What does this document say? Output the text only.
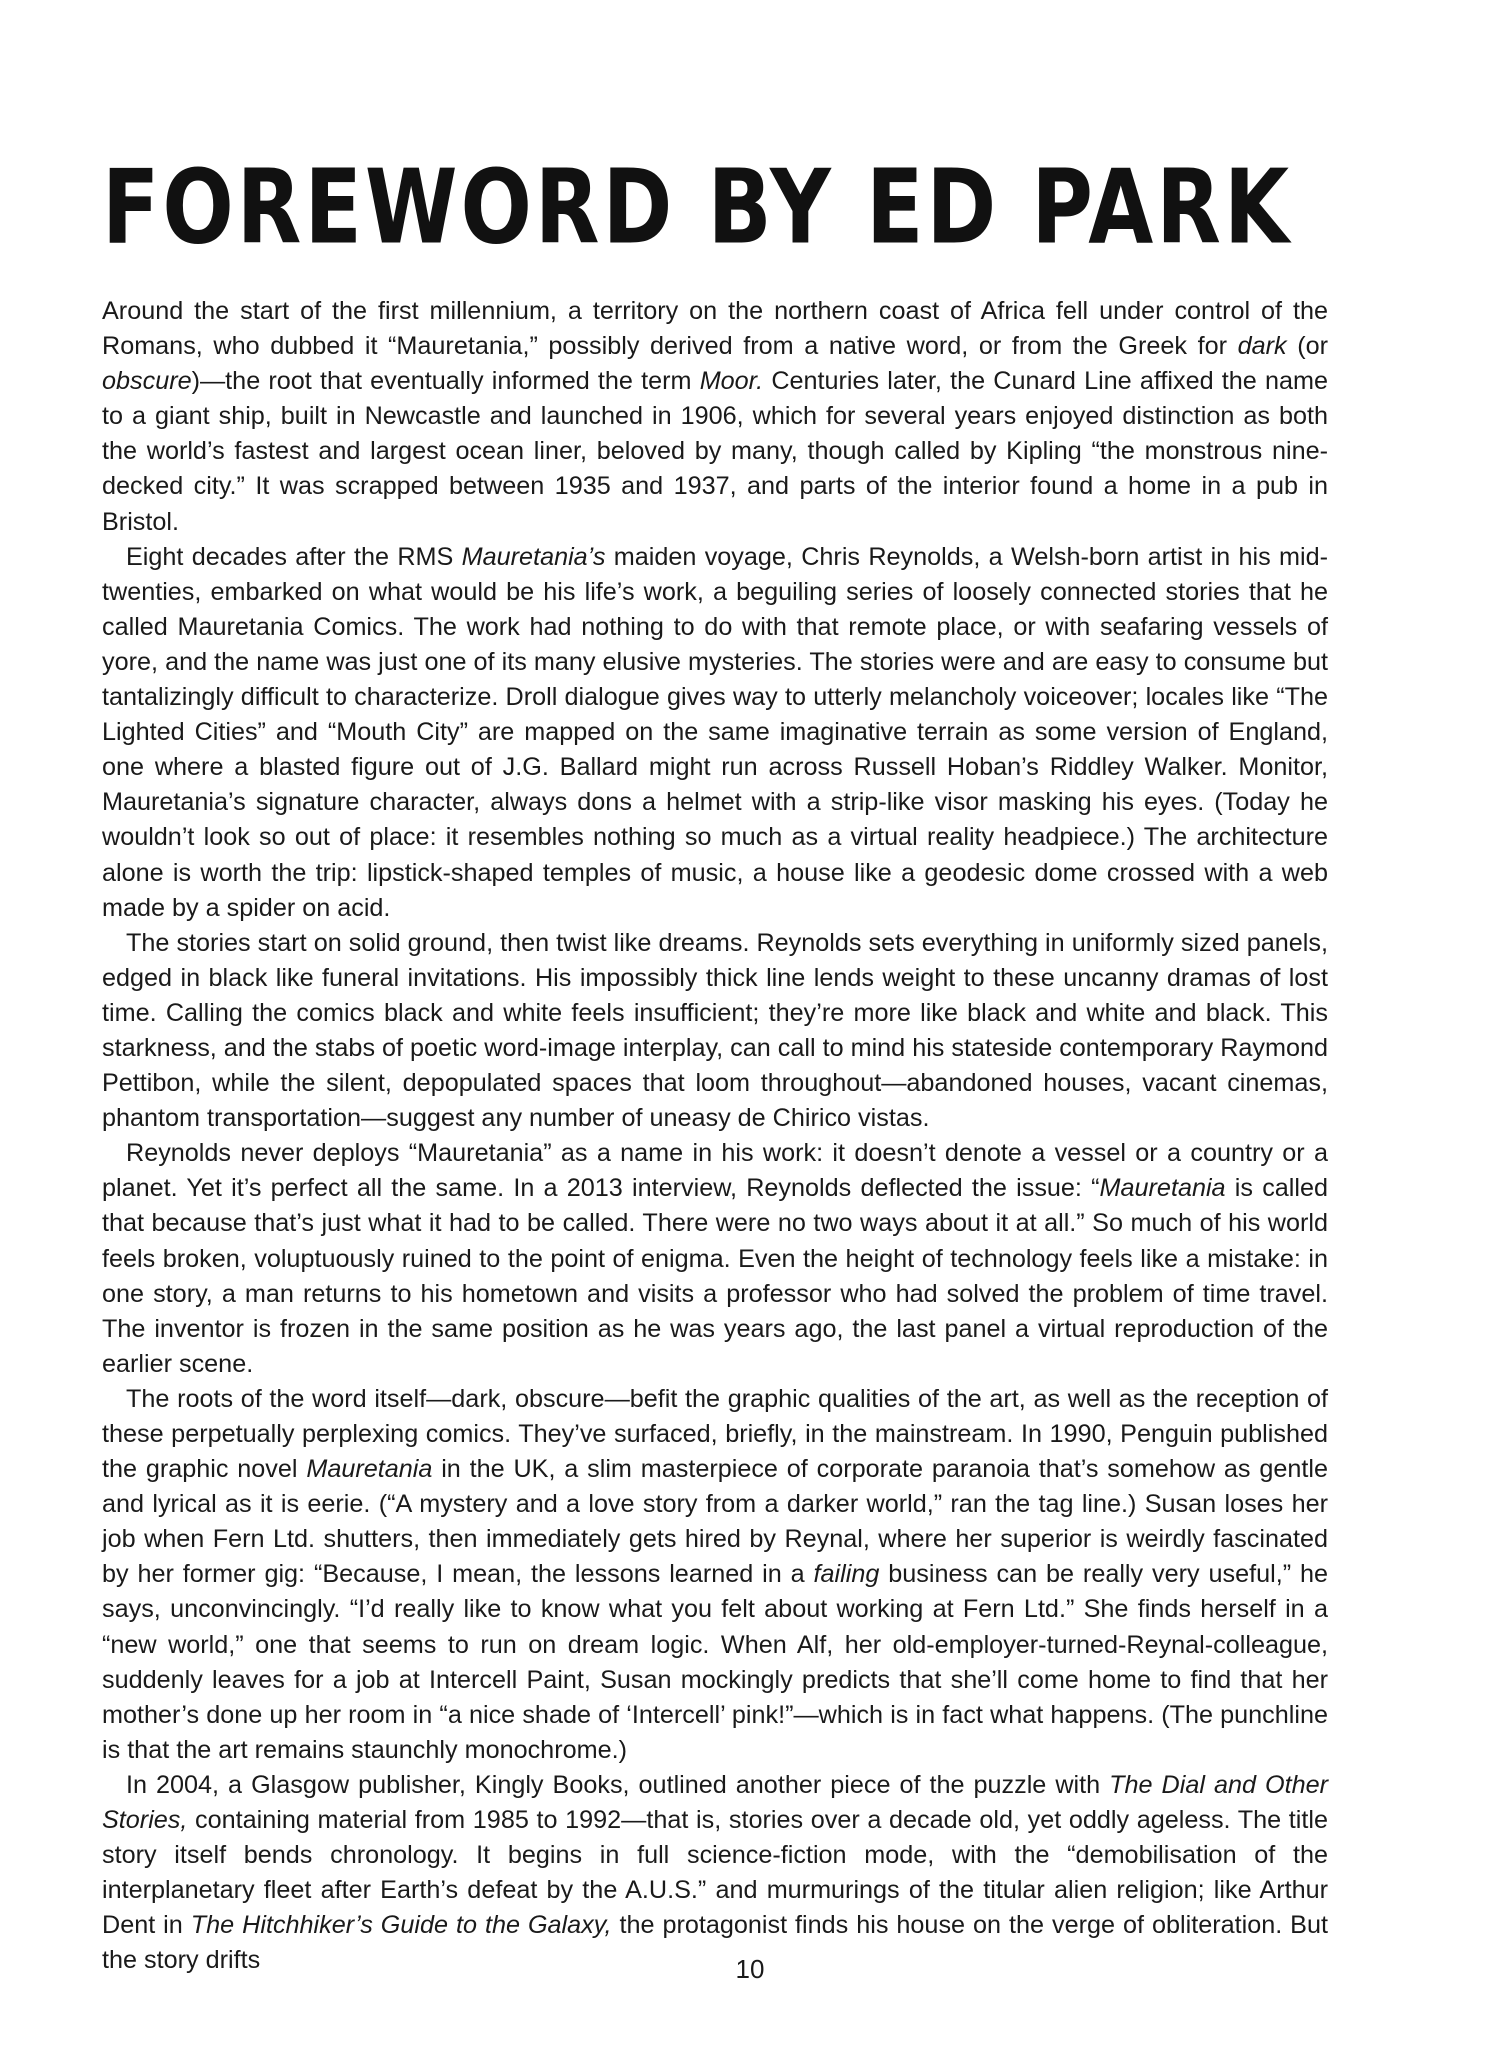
FOREWORD BY ED PARK

Around the start of the first millennium, a territory on the northern coast of Africa fell under control of the Romans, who dubbed it “Mauretania,” possibly derived from a native word, or from the Greek for dark (or obscure)—the root that eventually informed the term Moor. Centuries later, the Cunard Line affixed the name to a giant ship, built in Newcastle and launched in 1906, which for several years enjoyed distinction as both the world’s fastest and largest ocean liner, beloved by many, though called by Kipling “the monstrous nine-decked city.” It was scrapped between 1935 and 1937, and parts of the interior found a home in a pub in Bristol.

Eight decades after the RMS Mauretania’s maiden voyage, Chris Reynolds, a Welsh-born artist in his mid-twenties, embarked on what would be his life’s work, a beguiling series of loosely connected stories that he called Mauretania Comics. The work had nothing to do with that remote place, or with seafaring vessels of yore, and the name was just one of its many elusive mysteries. The stories were and are easy to consume but tantalizingly difficult to characterize. Droll dialogue gives way to utterly melancholy voiceover; locales like “The Lighted Cities” and “Mouth City” are mapped on the same imaginative terrain as some version of England, one where a blasted figure out of J.G. Ballard might run across Russell Hoban’s Riddley Walker. Monitor, Mauretania’s signature character, always dons a helmet with a strip-like visor masking his eyes. (Today he wouldn’t look so out of place: it resembles nothing so much as a virtual reality headpiece.) The architecture alone is worth the trip: lipstick-shaped temples of music, a house like a geodesic dome crossed with a web made by a spider on acid.

The stories start on solid ground, then twist like dreams. Reynolds sets everything in uniformly sized panels, edged in black like funeral invitations. His impossibly thick line lends weight to these uncanny dramas of lost time. Calling the comics black and white feels insufficient; they’re more like black and white and black. This starkness, and the stabs of poetic word-image interplay, can call to mind his stateside contemporary Raymond Pettibon, while the silent, depopulated spaces that loom throughout—abandoned houses, vacant cinemas, phantom transportation—suggest any number of uneasy de Chirico vistas.

Reynolds never deploys “Mauretania” as a name in his work: it doesn’t denote a vessel or a country or a planet. Yet it’s perfect all the same. In a 2013 interview, Reynolds deflected the issue: “Mauretania is called that because that’s just what it had to be called. There were no two ways about it at all.” So much of his world feels broken, voluptuously ruined to the point of enigma. Even the height of technology feels like a mistake: in one story, a man returns to his hometown and visits a professor who had solved the problem of time travel. The inventor is frozen in the same position as he was years ago, the last panel a virtual reproduction of the earlier scene.

The roots of the word itself—dark, obscure—befit the graphic qualities of the art, as well as the reception of these perpetually perplexing comics. They’ve surfaced, briefly, in the mainstream. In 1990, Penguin published the graphic novel Mauretania in the UK, a slim masterpiece of corporate paranoia that’s somehow as gentle and lyrical as it is eerie. (“A mystery and a love story from a darker world,” ran the tag line.) Susan loses her job when Fern Ltd. shutters, then immediately gets hired by Reynal, where her superior is weirdly fascinated by her former gig: “Because, I mean, the lessons learned in a failing business can be really very useful,” he says, unconvincingly. “I’d really like to know what you felt about working at Fern Ltd.” She finds herself in a “new world,” one that seems to run on dream logic. When Alf, her old-employer-turned-Reynal-colleague, suddenly leaves for a job at Intercell Paint, Susan mockingly predicts that she’ll come home to find that her mother’s done up her room in “a nice shade of ‘Intercell’ pink!”—which is in fact what happens. (The punchline is that the art remains staunchly monochrome.)

In 2004, a Glasgow publisher, Kingly Books, outlined another piece of the puzzle with The Dial and Other Stories, containing material from 1985 to 1992—that is, stories over a decade old, yet oddly ageless. The title story itself bends chronology. It begins in full science-fiction mode, with the “demobilisation of the interplanetary fleet after Earth’s defeat by the A.U.S.” and murmurings of the titular alien religion; like Arthur Dent in The Hitchhiker’s Guide to the Galaxy, the protagonist finds his house on the verge of obliteration. But the story drifts	10
